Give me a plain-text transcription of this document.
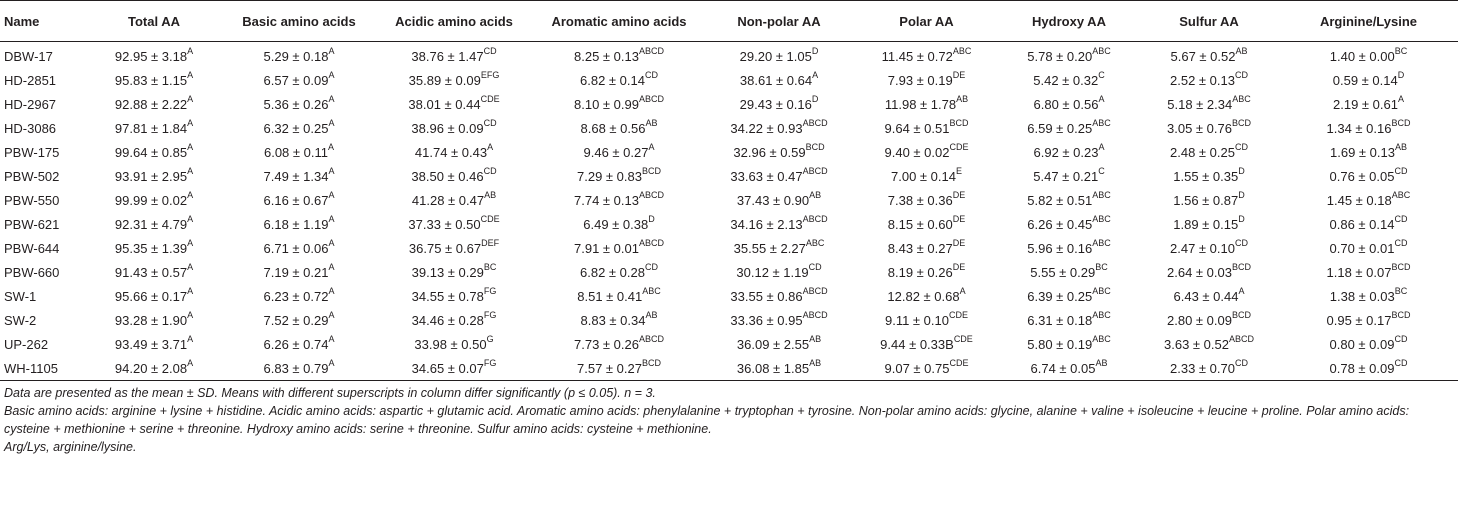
Name	Total AA	Basic amino acids	Acidic amino acids	Aromatic amino acids	Non-polar AA	Polar AA	Hydroxy AA	Sulfur AA	Arginine/Lysine
DBW-17	$92.95 \pm 3.18^A$	$5.29 \pm 0.18^A$	$38.76 \pm 1.47^{CD}$	$8.25 \pm 0.13^{ABCD}$	$29.20 \pm 1.05^D$	$11.45 \pm 0.72^{ABC}$	$5.78 \pm 0.20^{ABC}$	$5.67 \pm 0.52^{AB}$	$1.40 \pm 0.00^{BC}$
HD-2851	$95.83 \pm 1.15^A$	$6.57 \pm 0.09^A$	$35.89 \pm 0.09^{EFG}$	$6.82 \pm 0.14^{CD}$	$38.61 \pm 0.64^A$	7.93 ± 0.19DE	$5.42 \pm 0.32^C$	$2.52 \pm 0.13^{CD}$	$0.59 \pm 0.14^D$
HD-2967	$92.88 \pm 2.22^A$	$5.36 \pm 0.26^A$	$38.01 \pm 0.44^{CDE}$	$8.10 \pm 0.99^{ABCD}$	$29.43 \pm 0.16^D$	$11.98 \pm 1.78^{AB}$	$6.80 \pm 0.56^A$	$5.18 \pm 2.34^{ABC}$	$2.19 \pm 0.61^A$
HD-3086	$97.81 \pm 1.84^A$	$6.32 \pm 0.25^A$	$38.96 \pm 0.09^{CD}$	$8.68 \pm 0.56^{AB}$	$34.22 \pm 0.93^{ABCD}$	$9.64 \pm 0.51^{BCD}$	$6.59 \pm 0.25^{ABC}$	$3.05 \pm 0.76^{BCD}$	$1.34 \pm 0.16^{BCD}$
PBW-175	$99.64 \pm 0.85^A$	$6.08 \pm 0.11^A$	$41.74 \pm 0.43^A$	$9.46 \pm 0.27^A$	$32.96 \pm 0.59^{BCD}$	$9.40 \pm 0.02^{CDE}$	$6.92 \pm 0.23^A$	$2.48 \pm 0.25^{CD}$	$1.69 \pm 0.13^{AB}$
PBW-502	$93.91 \pm 2.95^A$	$7.49 \pm 1.34^A$	$38.50 \pm 0.46^{CD}$	$7.29 \pm 0.83^{BCD}$	$33.63 \pm 0.47^{ABCD}$	$7.00 \pm 0.14^E$	$5.47 \pm 0.21^C$	$1.55 \pm 0.35^D$	$0.76 \pm 0.05^{CD}$
PBW-550	$99.99 \pm 0.02^A$	$6.16 \pm 0.67^A$	$41.28 \pm 0.47^{AB}$	$7.74 \pm 0.13^{ABCD}$	$37.43 \pm 0.90^{AB}$	7.38 ± 0.36DE	$5.82 \pm 0.51^{ABC}$	$1.56 \pm 0.87^D$	$1.45 \pm 0.18^{ABC}$
PBW-621	$92.31 \pm 4.79^A$	$6.18 \pm 1.19^A$	$37.33 \pm 0.50^{CDE}$	$6.49 \pm 0.38^D$	$34.16 \pm 2.13^{ABCD}$	8.15 ± 0.60DE	$6.26 \pm 0.45^{ABC}$	$1.89 \pm 0.15^D$	$0.86 \pm 0.14^{CD}$
PBW-644	$95.35 \pm 1.39^A$	$6.71 \pm 0.06^A$	$36.75 \pm 0.67^{DEF}$	$7.91 \pm 0.01^{ABCD}$	$35.55 \pm 2.27^{ABC}$	8.43 ± 0.27DE	$5.96 \pm 0.16^{ABC}$	$2.47 \pm 0.10^{CD}$	$0.70 \pm 0.01^{CD}$
PBW-660	$91.43 \pm 0.57^A$	$7.19 \pm 0.21^A$	$39.13 \pm 0.29^{BC}$	$6.82 \pm 0.28^{CD}$	$30.12 \pm 1.19^{CD}$	8.19 ± 0.26DE	$5.55 \pm 0.29^{BC}$	$2.64 \pm 0.03^{BCD}$	$1.18 \pm 0.07^{BCD}$
SW-1	$95.66 \pm 0.17^A$	$6.23 \pm 0.72^A$	$34.55 \pm 0.78^{FG}$	$8.51 \pm 0.41^{ABC}$	$33.55 \pm 0.86^{ABCD}$	$12.82 \pm 0.68^A$	$6.39 \pm 0.25^{ABC}$	$6.43 \pm 0.44^A$	$1.38 \pm 0.03^{BC}$
SW-2	$93.28 \pm 1.90^A$	$7.52 \pm 0.29^A$	$34.46 \pm 0.28^{FG}$	$8.83 \pm 0.34^{AB}$	$33.36 \pm 0.95^{ABCD}$	$9.11 \pm 0.10^{CDE}$	$6.31 \pm 0.18^{ABC}$	$2.80 \pm 0.09^{BCD}$	$0.95 \pm 0.17^{BCD}$
UP-262	$93.49 \pm 3.71^A$	$6.26 \pm 0.74^A$	$33.98 \pm 0.50^G$	$7.73 \pm 0.26^{ABCD}$	$36.09 \pm 2.55^{AB}$	$9.44 \pm 0.33B^{CDE}$	$5.80 \pm 0.19^{ABC}$	$3.63 \pm 0.52^{ABCD}$	$0.80 \pm 0.09^{CD}$
WH-1105	$94.20 \pm 2.08^A$	$6.83 \pm 0.79^A$	$34.65 \pm 0.07^{FG}$	$7.57 \pm 0.27^{BCD}$	$36.08 \pm 1.85^{AB}$	$9.07 \pm 0.75^{CDE}$	$6.74 \pm 0.05^{AB}$	$2.33 \pm 0.70^{CD}$	$0.78 \pm 0.09^{CD}$

Data are presented as the mean ± SD. Means with different superscripts in column differ significantly (p ≤ 0.05). n = 3.

Basic amino acids: arginine + lysine + histidine. Acidic amino acids: aspartic + glutamic acid. Aromatic amino acids: phenylalanine + tryptophan + tyrosine. Non-polar amino acids: glycine, alanine + valine + isoleucine + leucine + proline. Polar amino acids: cysteine + methionine + serine + threonine. Hydroxy amino acids: serine + threonine. Sulfur amino acids: cysteine + methionine.

Arg/Lys, arginine/lysine.
